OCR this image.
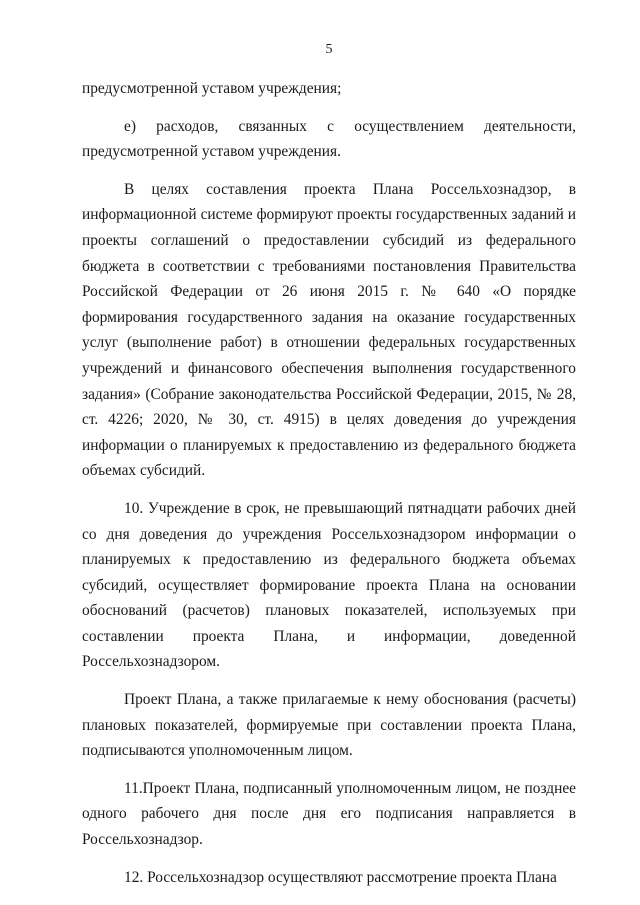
5

предусмотренной уставом учреждения;

е) расходов, связанных с осуществлением деятельности, предусмотренной уставом учреждения.

В целях составления проекта Плана Россельхознадзор, в информационной системе формируют проекты государственных заданий и проекты соглашений о предоставлении субсидий из федерального бюджета в соответствии с требованиями постановления Правительства Российской Федерации от 26 июня 2015 г. № 640 «О порядке формирования государственного задания на оказание государственных услуг (выполнение работ) в отношении федеральных государственных учреждений и финансового обеспечения выполнения государственного задания» (Собрание законодательства Российской Федерации, 2015, № 28, ст. 4226; 2020, № 30, ст. 4915) в целях доведения до учреждения информации о планируемых к предоставлению из федерального бюджета объемах субсидий.

10. Учреждение в срок, не превышающий пятнадцати рабочих дней со дня доведения до учреждения Россельхознадзором информации о планируемых к предоставлению из федерального бюджета объемах субсидий, осуществляет формирование проекта Плана на основании обоснований (расчетов) плановых показателей, используемых при составлении проекта Плана, и информации, доведенной Россельхознадзором.

Проект Плана, а также прилагаемые к нему обоснования (расчеты) плановых показателей, формируемые при составлении проекта Плана, подписываются уполномоченным лицом.

11.Проект Плана, подписанный уполномоченным лицом, не позднее одного рабочего дня после дня его подписания направляется в Россельхознадзор.

12. Россельхознадзор осуществляют рассмотрение проекта Плана
